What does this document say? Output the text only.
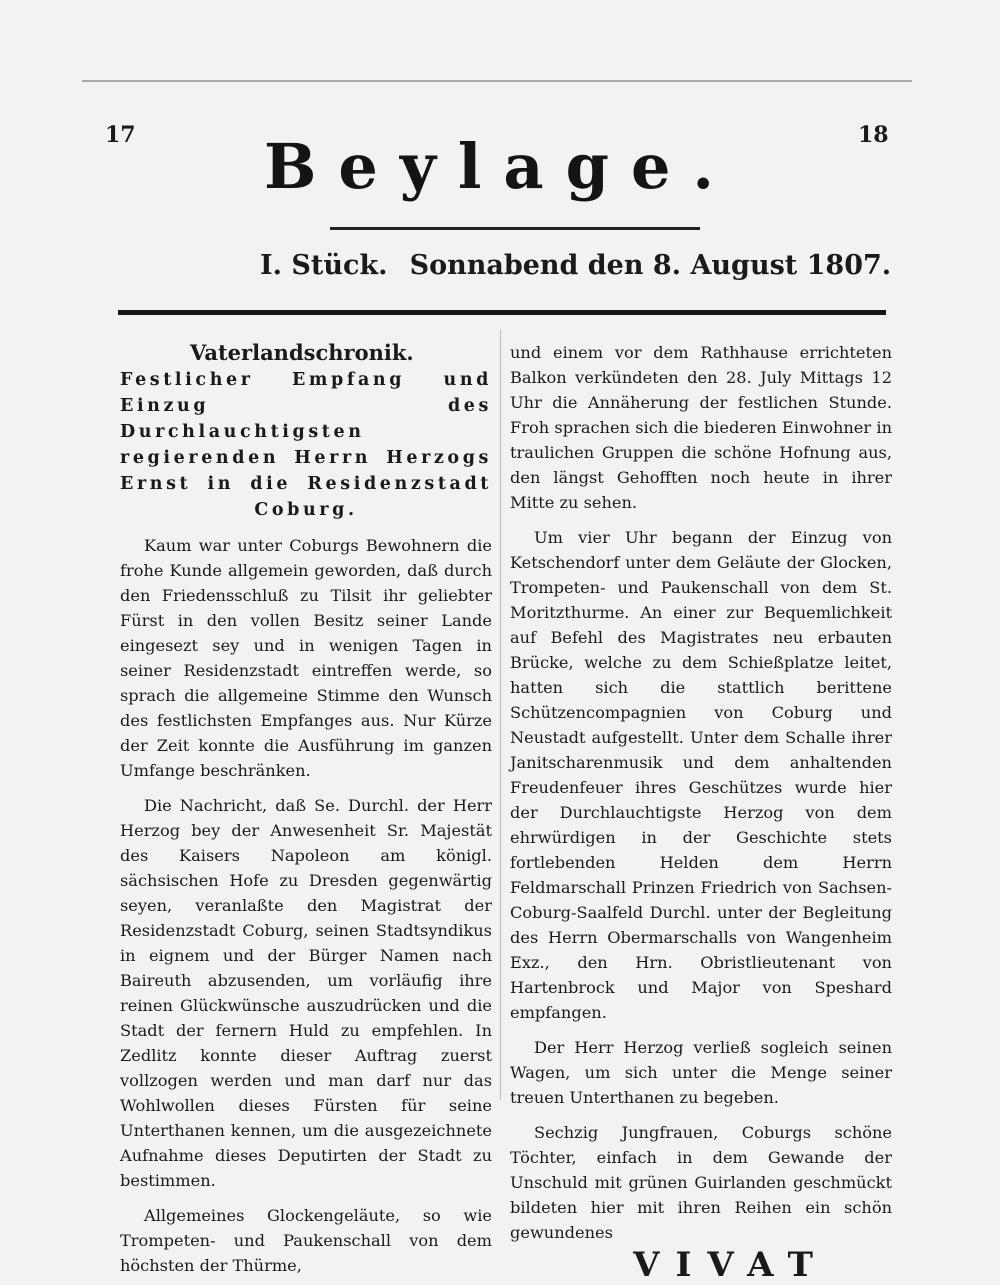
17	18
Beylage.
I. Stück. Sonnabend den 8. August 1807.
Vaterlandschronik.
Festlicher Empfang und Einzug des Durchlauchtigsten regierenden Herrn Herzogs Ernst in die Residenzstadt Coburg.

Kaum war unter Coburgs Bewohnern die frohe Kunde allgemein geworden, daß durch den Friedensschluß zu Tilsit ihr geliebter Fürst in den vollen Besitz seiner Lande eingesezt sey und in wenigen Tagen in seiner Residenzstadt eintreffen werde, so sprach die allgemeine Stimme den Wunsch des festlichsten Empfanges aus. Nur Kürze der Zeit konnte die Ausführung im ganzen Umfange beschränken.

Die Nachricht, daß Se. Durchl. der Herr Herzog bey der Anwesenheit Sr. Majestät des Kaisers Napoleon am königl. sächsischen Hofe zu Dresden gegenwärtig seyen, veranlaßte den Magistrat der Residenzstadt Coburg, seinen Stadtsyndikus in eignem und der Bürger Namen nach Baireuth abzusenden, um vorläufig ihre reinen Glückwünsche auszudrücken und die Stadt der fernern Huld zu empfehlen. In Zedlitz konnte dieser Auftrag zuerst vollzogen werden und man darf nur das Wohlwollen dieses Fürsten für seine Unterthanen kennen, um die ausgezeichnete Aufnahme dieses Deputirten der Stadt zu bestimmen.

Allgemeines Glockengeläute, so wie Trompeten- und Paukenschall von dem höchsten der Thürme,

und einem vor dem Rathhause errichteten Balkon verkündeten den 28. July Mittags 12 Uhr die Annäherung der festlichen Stunde. Froh sprachen sich die biederen Einwohner in traulichen Gruppen die schöne Hofnung aus, den längst Gehofften noch heute in ihrer Mitte zu sehen.

Um vier Uhr begann der Einzug von Ketschendorf unter dem Geläute der Glocken, Trompeten- und Paukenschall von dem St. Moritzthurme. An einer zur Bequemlichkeit auf Befehl des Magistrates neu erbauten Brücke, welche zu dem Schießplatze leitet, hatten sich die stattlich berittene Schützencompagnien von Coburg und Neustadt aufgestellt. Unter dem Schalle ihrer Janitscharenmusik und dem anhaltenden Freudenfeuer ihres Geschützes wurde hier der Durchlauchtigste Herzog von dem ehrwürdigen in der Geschichte stets fortlebenden Helden dem Herrn Feldmarschall Prinzen Friedrich von Sachsen-Coburg-Saalfeld Durchl. unter der Begleitung des Herrn Obermarschalls von Wangenheim Exz., den Hrn. Obristlieutenant von Hartenbrock und Major von Speshard empfangen.

Der Herr Herzog verließ sogleich seinen Wagen, um sich unter die Menge seiner treuen Unterthanen zu begeben.

Sechzig Jungfrauen, Coburgs schöne Töchter, einfach in dem Gewande der Unschuld mit grünen Guirlanden geschmückt bildeten hier mit ihren Reihen ein schön gewundenes

VIVAT
